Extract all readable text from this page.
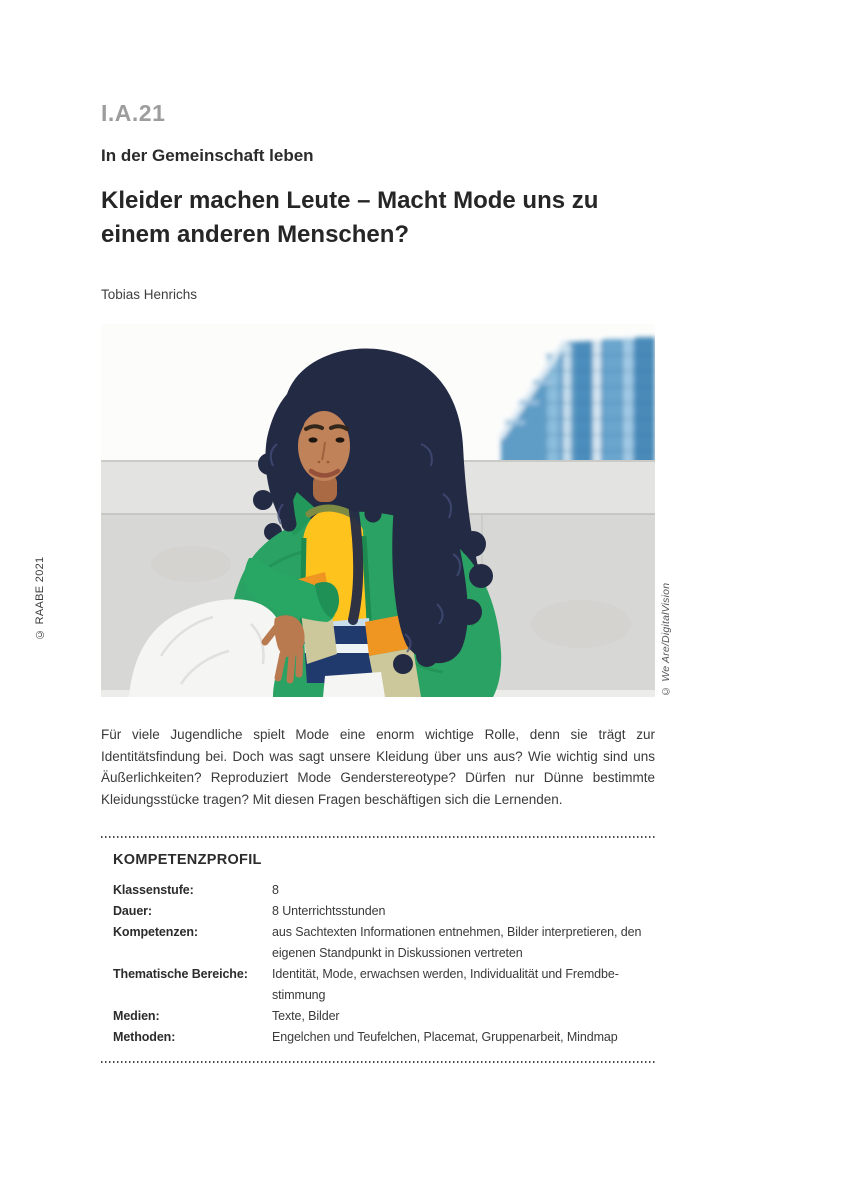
I.A.21
In der Gemeinschaft leben
Kleider machen Leute – Macht Mode uns zu einem anderen Menschen?
Tobias Henrichs
© RAABE 2021	© We Are/DigitalVision

Für viele Jugendliche spielt Mode eine enorm wichtige Rolle, denn sie trägt zur Identitätsfindung bei. Doch was sagt unsere Kleidung über uns aus? Wie wichtig sind uns Äußerlichkeiten? Reproduziert Mode Genderstereotype? Dürfen nur Dünne bestimmte Kleidungsstücke tragen? Mit diesen Fragen beschäftigen sich die Lernenden.

KOMPETENZPROFIL
Klassenstufe:	8
Dauer:	8 Unterrichtsstunden
Kompetenzen:	aus Sachtexten Informationen entnehmen, Bilder interpretieren, den eigenen Standpunkt in Diskussionen vertreten
Thematische Bereiche:	Identität, Mode, erwachsen werden, Individualität und Fremdbestimmung
Medien:	Texte, Bilder
Methoden:	Engelchen und Teufelchen, Placemat, Gruppenarbeit, Mindmap
